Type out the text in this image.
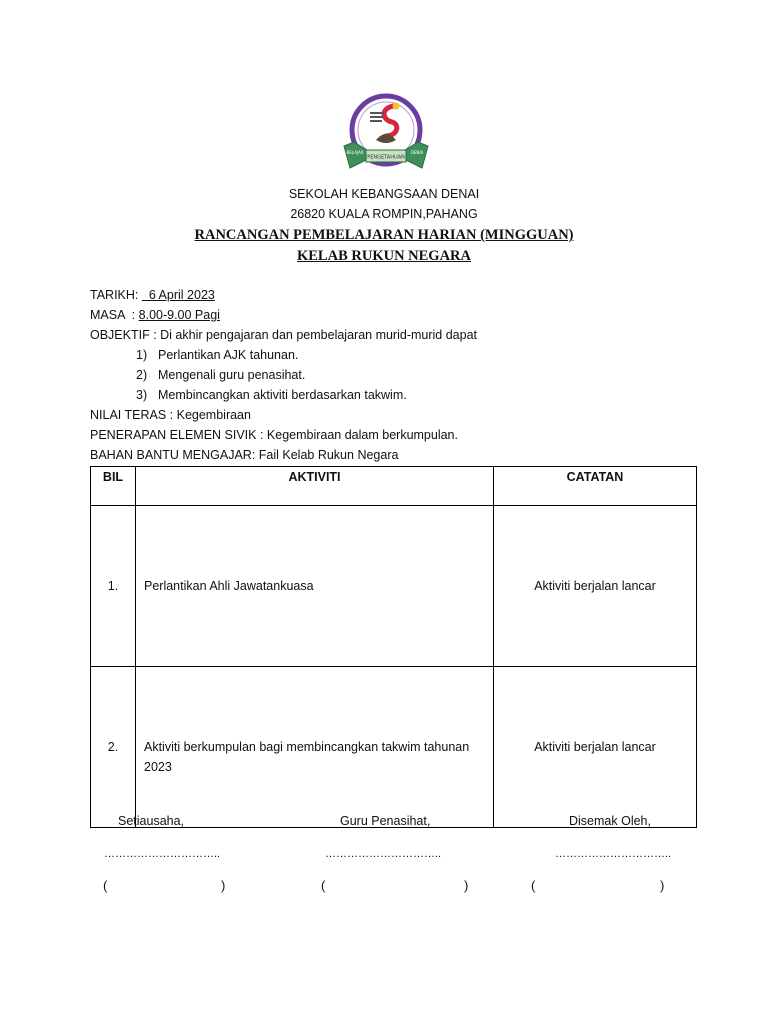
PENGETAHUAN
BELAJAR	DENAI
SEKOLAH KEBANGSAAN DENAI
26820 KUALA ROMPIN,PAHANG
RANCANGAN PEMBELAJARAN HARIAN (MINGGUAN)
KELAB RUKUN NEGARA
TARIKH:   6 April 2023
MASA  : 8.00-9.00 Pagi
OBJEKTIF : Di akhir pengajaran dan pembelajaran murid-murid dapat
1) Perlantikan AJK tahunan.
2) Mengenali guru penasihat.
3) Membincangkan aktiviti berdasarkan takwim.
NILAI TERAS : Kegembiraan
PENERAPAN ELEMEN SIVIK : Kegembiraan dalam berkumpulan.
BAHAN BANTU MENGAJAR: Fail Kelab Rukun Negara
BIL	AKTIVITI	CATATAN
1.	Perlantikan Ahli Jawatankuasa	Aktiviti berjalan lancar
2.	Aktiviti berkumpulan bagi membincangkan takwim tahunan 2023	Aktiviti berjalan lancar
Setiausaha,	Guru Penasihat,	Disemak Oleh,
…………………………..	…………………………..	…………………………..
(	)	(	)	(	)
